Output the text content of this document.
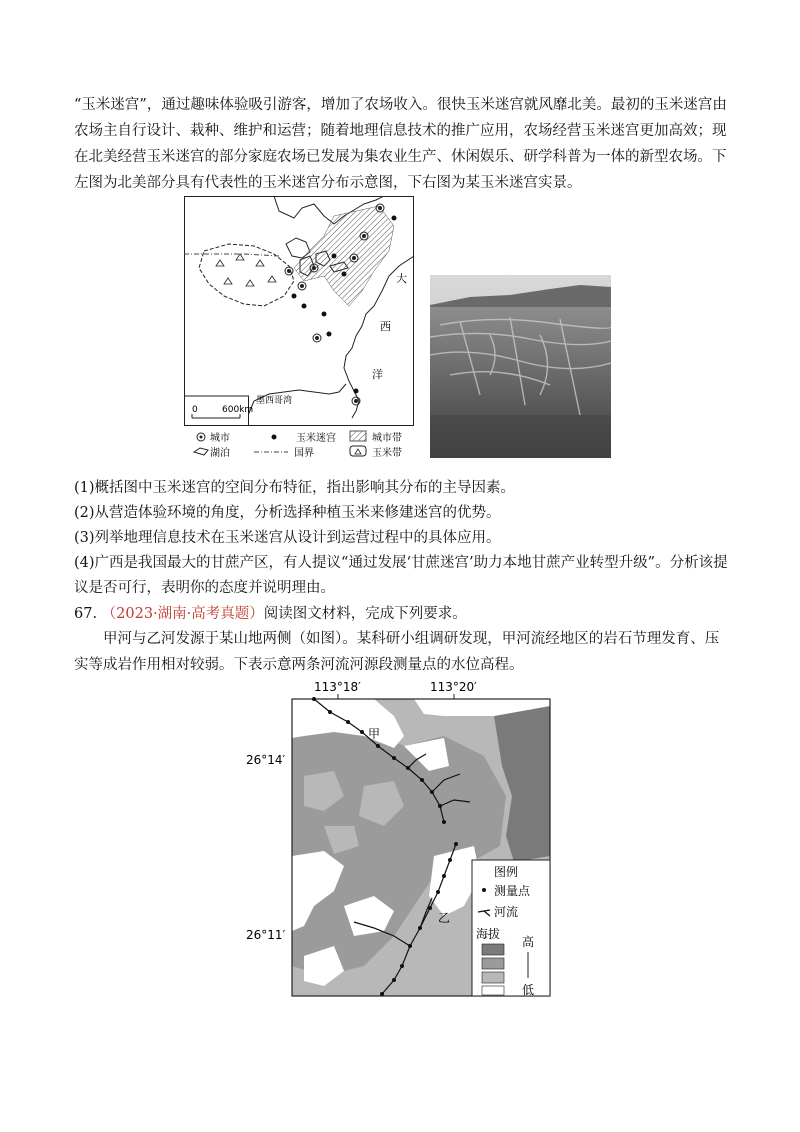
“玉米迷宫”，通过趣味体验吸引游客，增加了农场收入。很快玉米迷宫就风靡北美。最初的玉米迷宫由农场主自行设计、栽种、维护和运营；随着地理信息技术的推广应用，农场经营玉米迷宫更加高效；现在北美经营玉米迷宫的部分家庭农场已发展为集农业生产、休闲娱乐、研学科普为一体的新型农场。下左图为北美部分具有代表性的玉米迷宫分布示意图，下右图为某玉米迷宫实景。

大
西
洋
墨西哥湾
0	600km
城市	玉米迷宫	城市带
湖泊	国界	玉米带

(1)概括图中玉米迷宫的空间分布特征，指出影响其分布的主导因素。

(2)从营造体验环境的角度，分析选择种植玉米来修建迷宫的优势。

(3)列举地理信息技术在玉米迷宫从设计到运营过程中的具体应用。

(4)广西是我国最大的甘蔗产区，有人提议“通过发展‘甘蔗迷宫’助力本地甘蔗产业转型升级”。分析该提议是否可行，表明你的态度并说明理由。

67. （2023·湖南·高考真题）阅读图文材料，完成下列要求。

甲河与乙河发源于某山地两侧（如图）。某科研小组调研发现，甲河流经地区的岩石节理发育、压实等成岩作用相对较弱。下表示意两条河流河源段测量点的水位高程。

113°18′	113°20′
26°14′
26°11′
甲
乙
图例
测量点
河流
海拔
高
低
